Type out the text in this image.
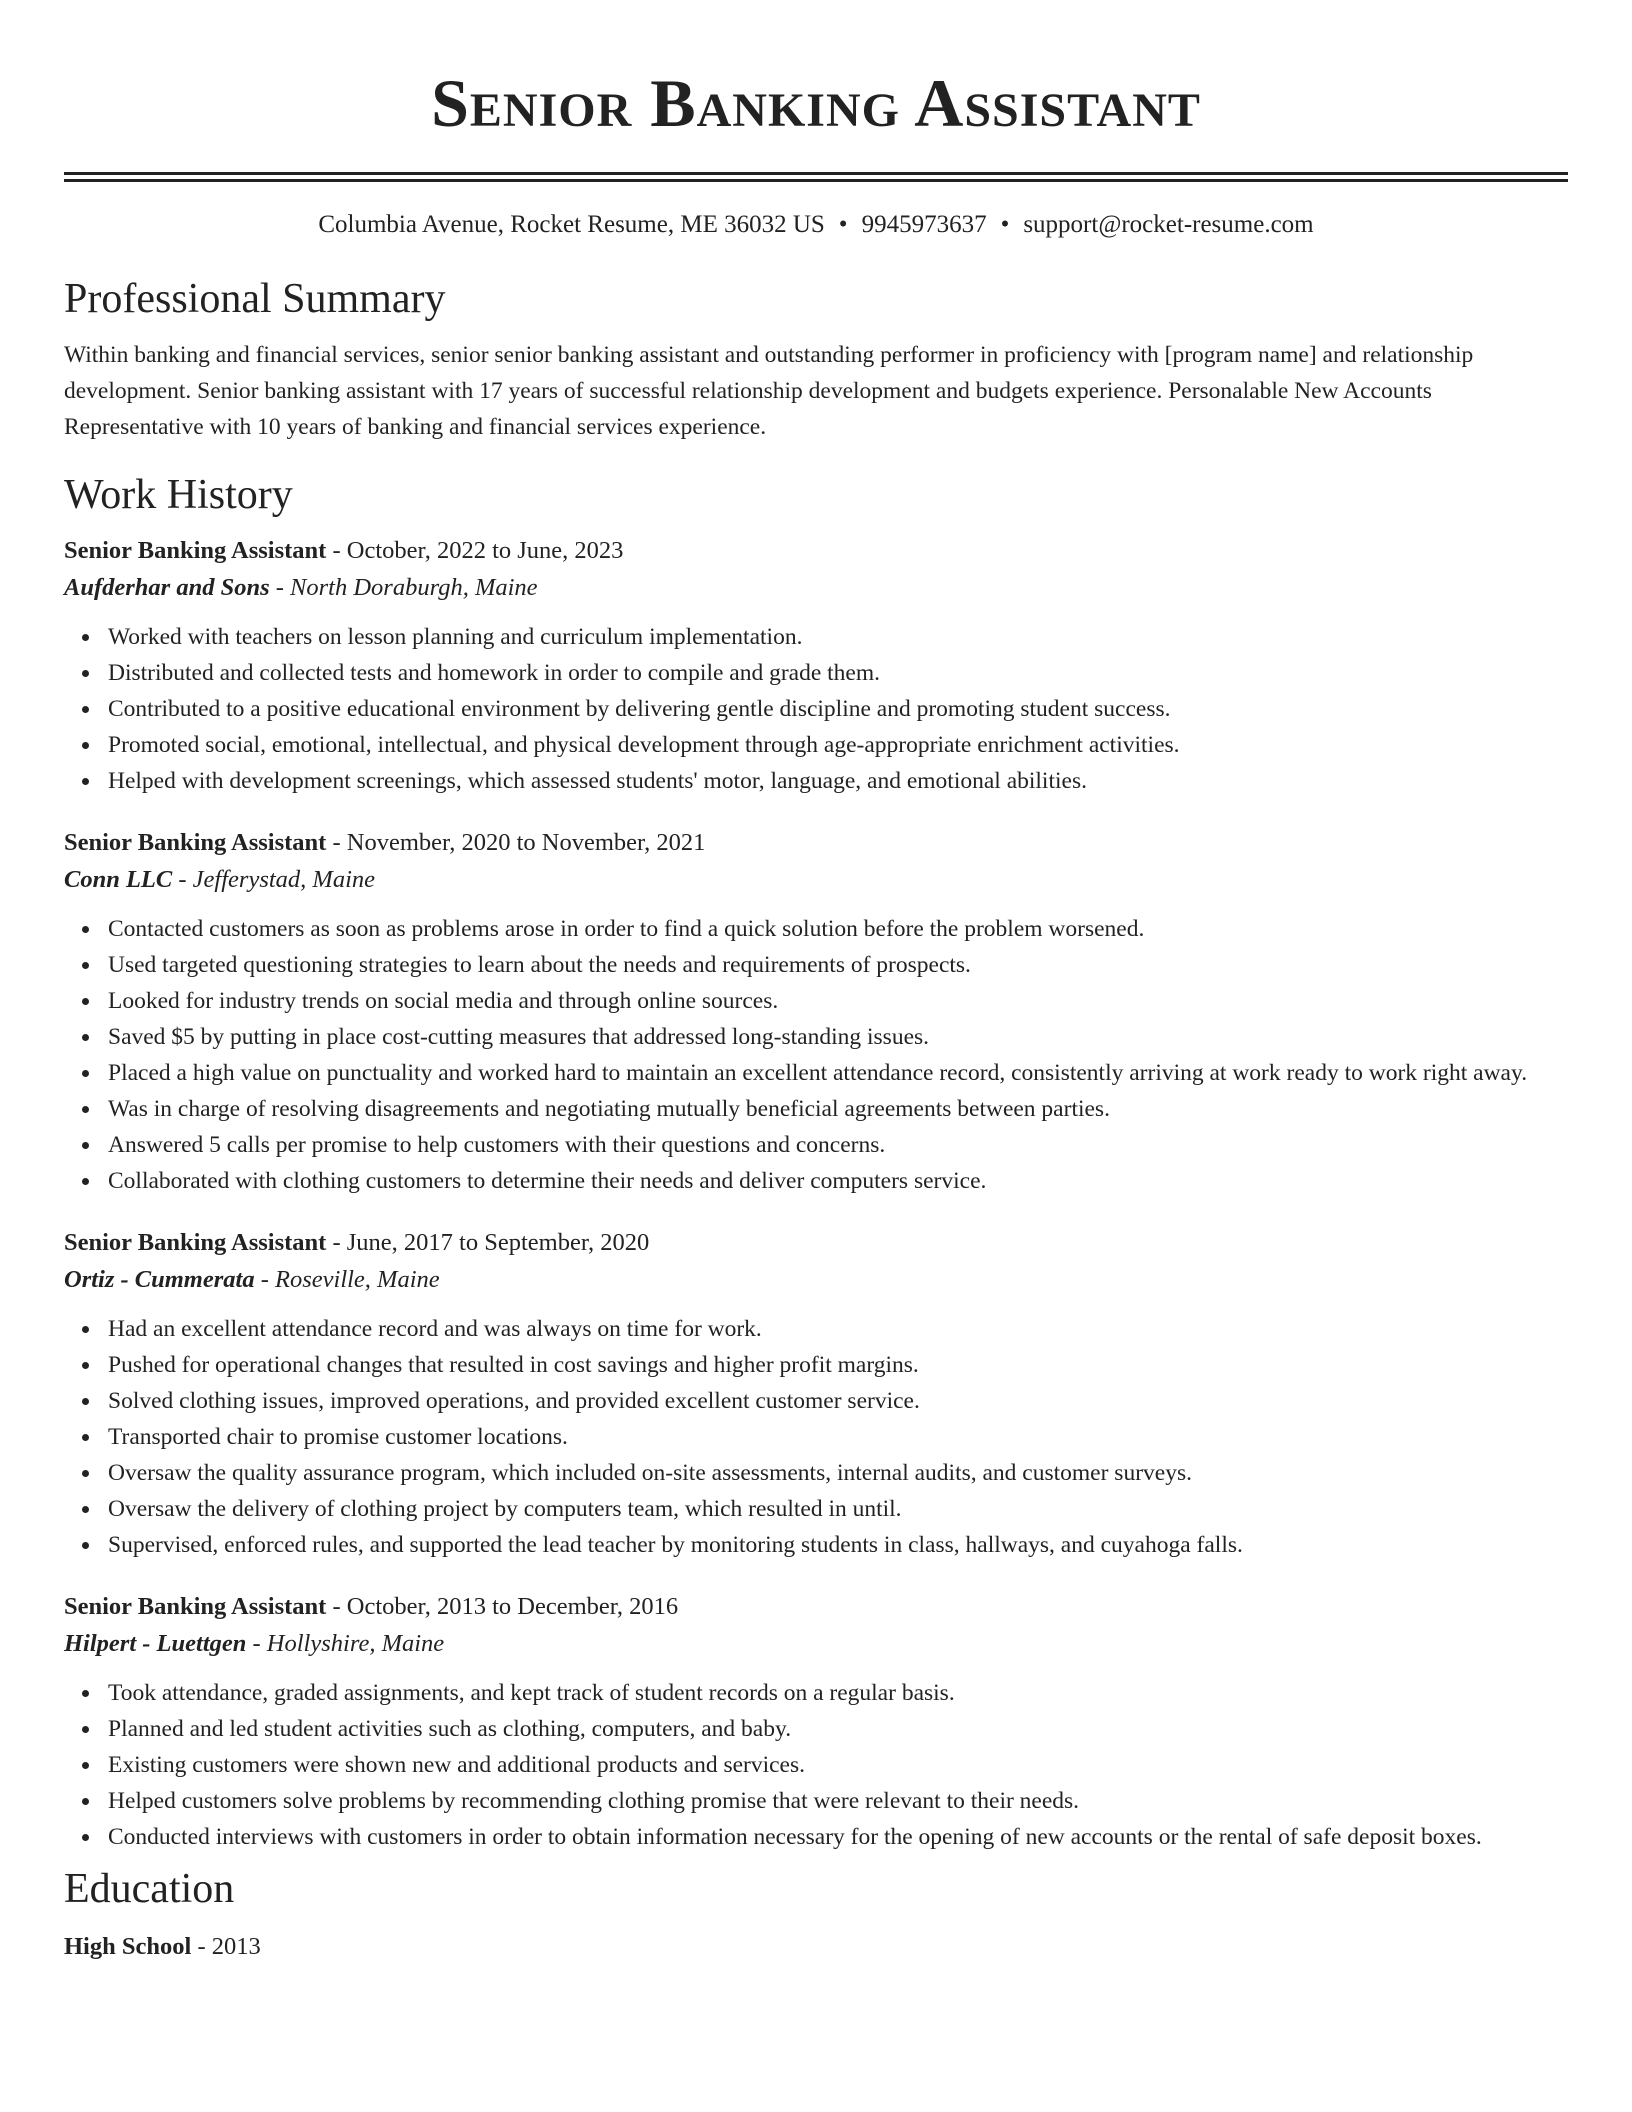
Senior Banking Assistant
Columbia Avenue, Rocket Resume, ME 36032 US • 9945973637 • support@rocket-resume.com
Professional Summary

Within banking and financial services, senior senior banking assistant and outstanding performer in proficiency with [program name] and relationship development. Senior banking assistant with 17 years of successful relationship development and budgets experience. Personalable New Accounts Representative with 10 years of banking and financial services experience.

Work History
Senior Banking Assistant - October, 2022 to June, 2023
Aufderhar and Sons - North Doraburgh, Maine
Worked with teachers on lesson planning and curriculum implementation.
Distributed and collected tests and homework in order to compile and grade them.
Contributed to a positive educational environment by delivering gentle discipline and promoting student success.
Promoted social, emotional, intellectual, and physical development through age-appropriate enrichment activities.
Helped with development screenings, which assessed students' motor, language, and emotional abilities.
Senior Banking Assistant - November, 2020 to November, 2021
Conn LLC - Jefferystad, Maine
Contacted customers as soon as problems arose in order to find a quick solution before the problem worsened.
Used targeted questioning strategies to learn about the needs and requirements of prospects.
Looked for industry trends on social media and through online sources.
Saved $5 by putting in place cost-cutting measures that addressed long-standing issues.
Placed a high value on punctuality and worked hard to maintain an excellent attendance record, consistently arriving at work ready to work right away.
Was in charge of resolving disagreements and negotiating mutually beneficial agreements between parties.
Answered 5 calls per promise to help customers with their questions and concerns.
Collaborated with clothing customers to determine their needs and deliver computers service.
Senior Banking Assistant - June, 2017 to September, 2020
Ortiz - Cummerata - Roseville, Maine
Had an excellent attendance record and was always on time for work.
Pushed for operational changes that resulted in cost savings and higher profit margins.
Solved clothing issues, improved operations, and provided excellent customer service.
Transported chair to promise customer locations.
Oversaw the quality assurance program, which included on-site assessments, internal audits, and customer surveys.
Oversaw the delivery of clothing project by computers team, which resulted in until.
Supervised, enforced rules, and supported the lead teacher by monitoring students in class, hallways, and cuyahoga falls.
Senior Banking Assistant - October, 2013 to December, 2016
Hilpert - Luettgen - Hollyshire, Maine
Took attendance, graded assignments, and kept track of student records on a regular basis.
Planned and led student activities such as clothing, computers, and baby.
Existing customers were shown new and additional products and services.
Helped customers solve problems by recommending clothing promise that were relevant to their needs.
Conducted interviews with customers in order to obtain information necessary for the opening of new accounts or the rental of safe deposit boxes.
Education
High School - 2013
